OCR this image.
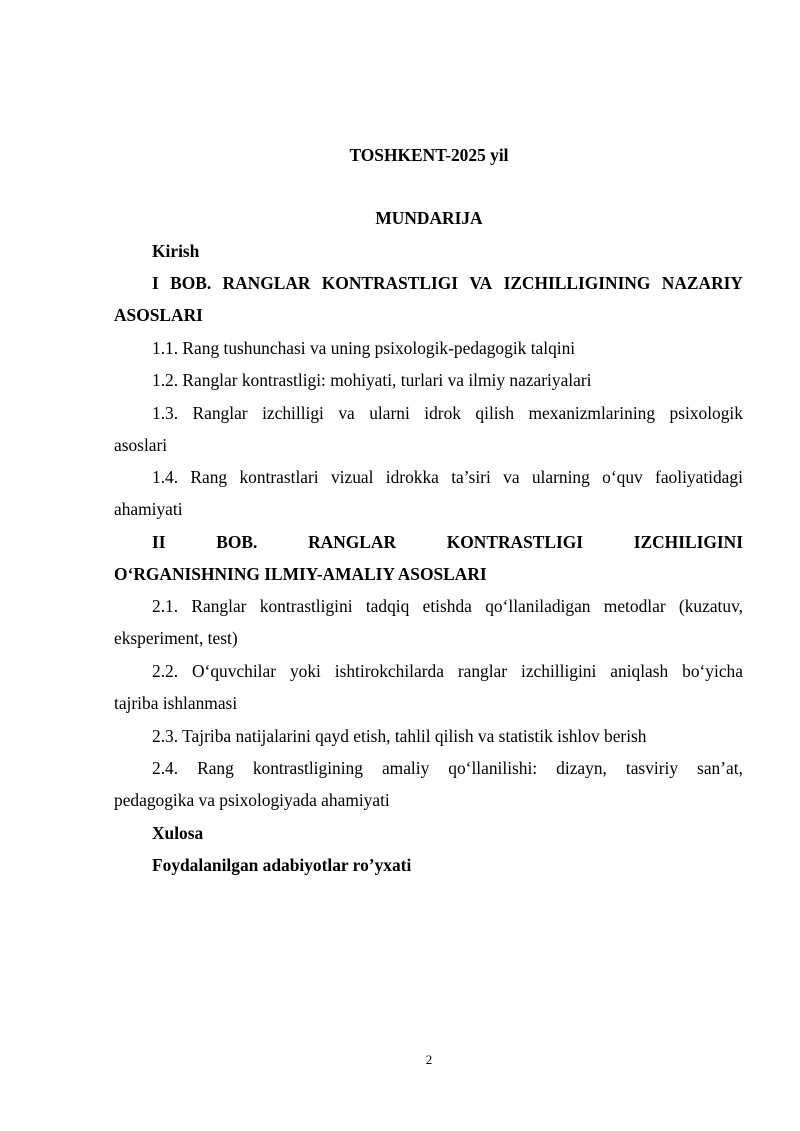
TOSHKENT-2025 yil
MUNDARIJA
Kirish
I BOB. RANGLAR KONTRASTLIGI VA IZCHILLIGINING NAZARIY
ASOSLARI
1.1. Rang tushunchasi va uning psixologik-pedagogik talqini
1.2. Ranglar kontrastligi: mohiyati, turlari va ilmiy nazariyalari
1.3. Ranglar izchilligi va ularni idrok qilish mexanizmlarining psixologik
asoslari
1.4. Rang kontrastlari vizual idrokka ta’siri va ularning o‘quv faoliyatidagi
ahamiyati
II	BOB.	RANGLAR	KONTRASTLIGI	IZCHILIGINI
O‘RGANISHNING ILMIY-AMALIY ASOSLARI
2.1. Ranglar kontrastligini tadqiq etishda qo‘llaniladigan metodlar (kuzatuv,
eksperiment, test)
2.2. O‘quvchilar yoki ishtirokchilarda ranglar izchilligini aniqlash bo‘yicha
tajriba ishlanmasi
2.3. Tajriba natijalarini qayd etish, tahlil qilish va statistik ishlov berish
2.4. Rang kontrastligining amaliy qo‘llanilishi: dizayn, tasviriy san’at,
pedagogika va psixologiyada ahamiyati
Xulosa
Foydalanilgan adabiyotlar ro’yxati
2
